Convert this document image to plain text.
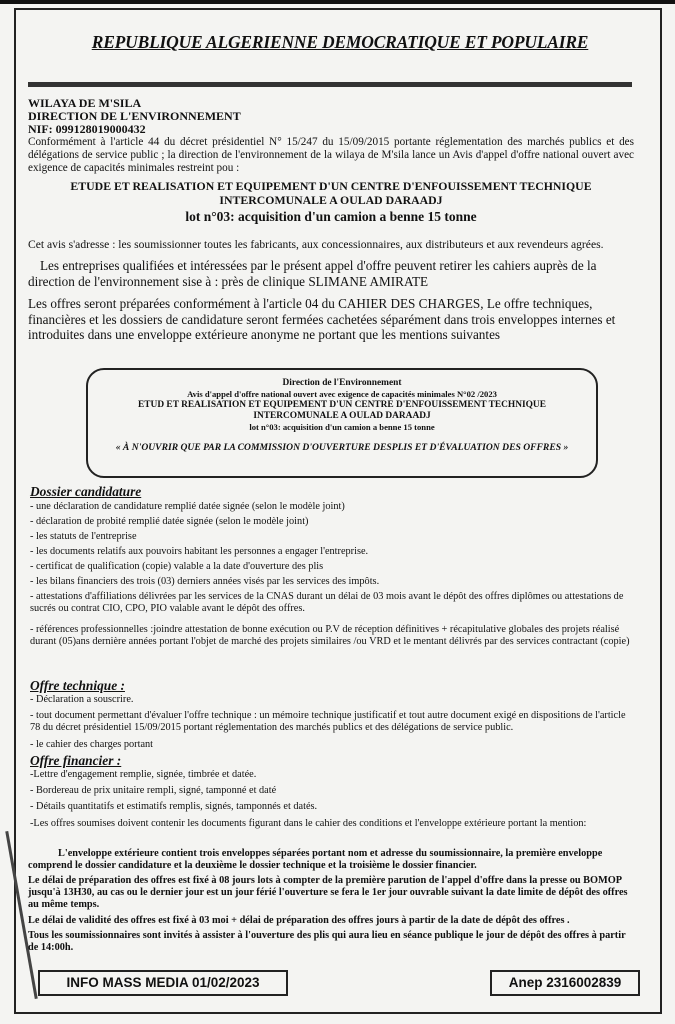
REPUBLIQUE ALGERIENNE DEMOCRATIQUE ET POPULAIRE
WILAYA DE M'SILA
DIRECTION DE L'ENVIRONNEMENT
NIF: 099128019000432
Conformément à l'article 44 du décret présidentiel N° 15/247 du 15/09/2015 portante réglementation des marchés publics et des délégations de service public ; la direction de l'environnement de la wilaya de M'sila lance un Avis d'appel d'offre national ouvert avec exigence de capacités minimales restreint pou :
ETUDE ET REALISATION ET EQUIPEMENT D'UN CENTRE D'ENFOUISSEMENT TECHNIQUE
INTERCOMUNALE A OULAD DARAADJ
lot n°03: acquisition d'un camion a benne 15 tonne
Cet avis s'adresse : les soumissionner toutes les fabricants, aux concessionnaires, aux distributeurs et aux revendeurs agrées.
Les entreprises qualifiées et intéressées par le présent appel d'offre peuvent retirer les cahiers auprès de la direction de l'environnement sise à : près de clinique SLIMANE AMIRATE
Les offres seront préparées conformément à l'article 04 du CAHIER DES CHARGES, Le offre techniques, financières et les dossiers de candidature seront fermées cachetées séparément dans trois enveloppes internes et introduites dans une enveloppe extérieure anonyme ne portant que les mentions suivantes
Direction de l'Environnement
Avis d'appel d'offre national ouvert avec exigence de capacités minimales N°02 /2023
ETUD ET REALISATION ET EQUIPEMENT D'UN CENTRE D'ENFOUISSEMENT TECHNIQUE
INTERCOMUNALE A OULAD DARAADJ
lot n°03: acquisition d'un camion a benne 15 tonne
« À N'OUVRIR QUE PAR LA COMMISSION D'OUVERTURE DESPLIS ET D'ÉVALUATION DES OFFRES »
Dossier candidature
- une déclaration de candidature remplié datée signée (selon le modèle joint)
- déclaration de probité remplié datée signée (selon le modèle joint)
- les statuts de l'entreprise
- les documents relatifs aux pouvoirs habitant les personnes a engager l'entreprise.
- certificat de qualification (copie) valable a la date d'ouverture des plis
- les bilans financiers des trois (03) derniers années visés par les services des impôts.
- attestations d'affiliations délivrées par les services de la CNAS durant un délai de 03 mois avant le dépôt des offres diplômes ou attestations de sucrés ou contrat CIO, CPO, PIO valable avant le dépôt des offres.
- références professionnelles :joindre attestation de bonne exécution ou P.V de réception définitives + récapitulative globales des projets réalisé durant (05)ans dernière années portant l'objet de marché des projets similaires /ou VRD et le mentant délivrés par des services contractant (copie)
Offre technique :
- Déclaration a souscrire.
- tout document permettant d'évaluer l'offre technique : un mémoire technique justificatif et tout autre document exigé en dispositions de l'article 78 du décret présidentiel 15/09/2015 portant réglementation des marchés publics et des délégations de service public.
- le cahier des charges portant
Offre financier :
-Lettre d'engagement remplie, signée, timbrée et datée.
- Bordereau de prix unitaire rempli, signé, tamponné et daté
- Détails quantitatifs et estimatifs remplis, signés, tamponnés et datés.
-Les offres soumises doivent contenir les documents figurant dans le cahier des conditions et l'enveloppe extérieure portant la mention:
L'enveloppe extérieure contient trois enveloppes séparées portant nom et adresse du soumissionnaire, la première enveloppe comprend le dossier candidature et la deuxième le dossier technique et la troisième le dossier financier.
Le délai de préparation des offres est fixé à 08 jours lots à compter de la première parution de l'appel d'offre dans la presse ou BOMOP jusqu'à 13H30, au cas ou le dernier jour est un jour férié l'ouverture se fera le 1er jour ouvrable suivant la date limite de dépôt des offres au même temps.
Le délai de validité des offres est fixé à 03 moi + délai de préparation des offres jours à partir de la date de dépôt des offres .
Tous les soumissionnaires sont invités à assister à l'ouverture des plis qui aura lieu en séance publique le jour de dépôt des offres à partir de 14:00h.
INFO MASS MEDIA 01/02/2023	Anep 2316002839
